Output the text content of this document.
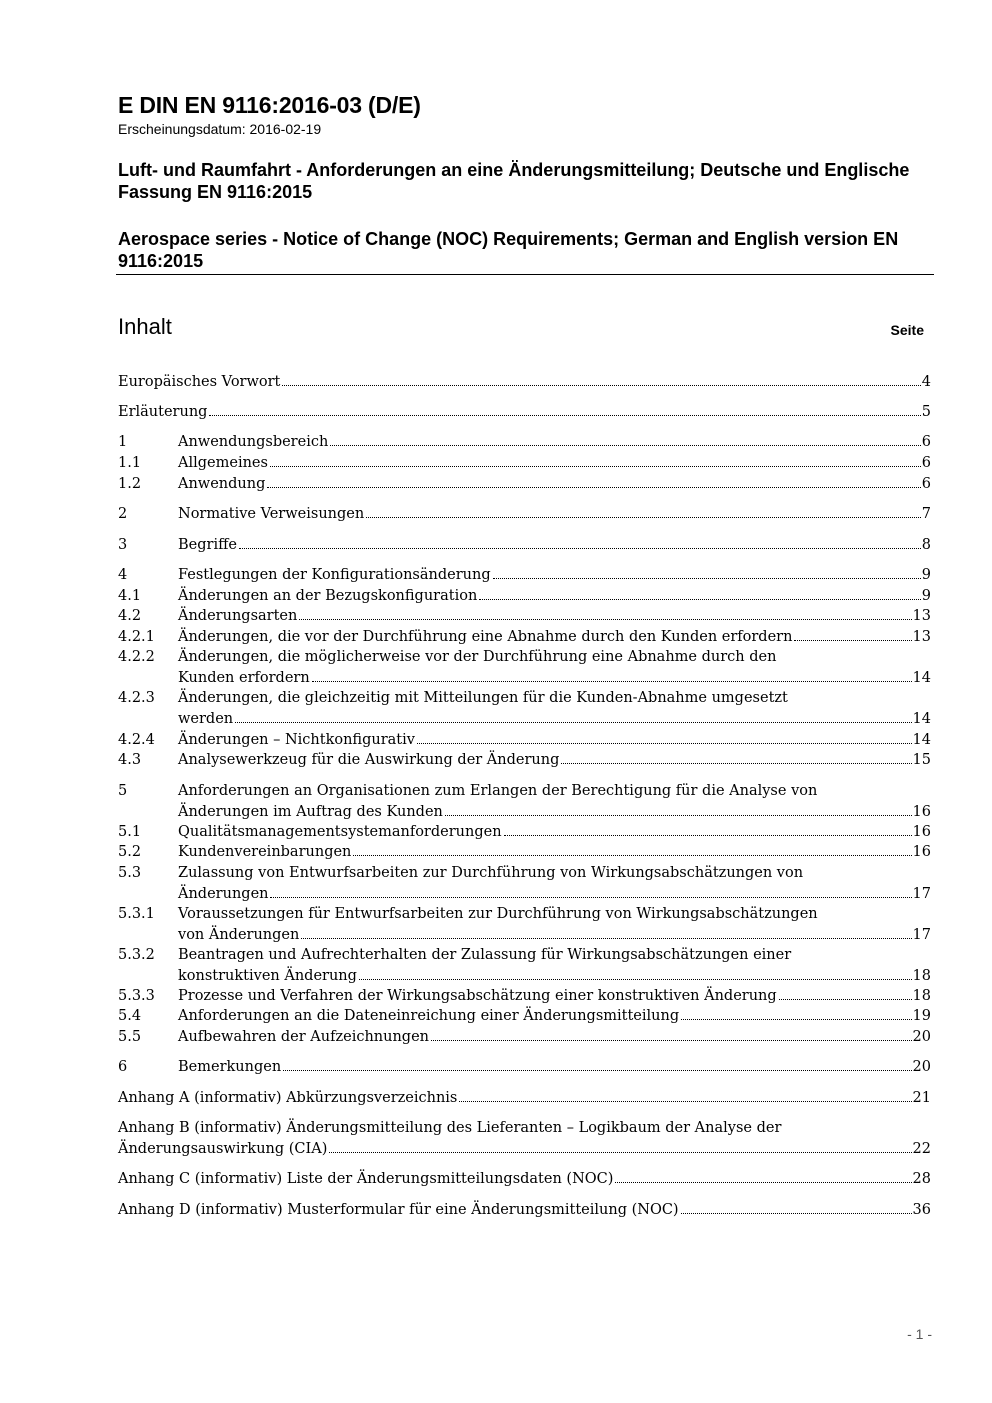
E DIN EN 9116:2016-03 (D/E)
Erscheinungsdatum: 2016-02-19
Luft- und Raumfahrt - Anforderungen an eine Änderungsmitteilung; Deutsche und Englische Fassung EN 9116:2015
Aerospace series - Notice of Change (NOC) Requirements; German and English version EN 9116:2015
Inhalt	Seite
Europäisches Vorwort	4
Erläuterung	5
1	Anwendungsbereich	6
1.1	Allgemeines	6
1.2	Anwendung	6
2	Normative Verweisungen	7
3	Begriffe	8
4	Festlegungen der Konfigurationsänderung	9
4.1	Änderungen an der Bezugskonfiguration	9
4.2	Änderungsarten	13
4.2.1 Änderungen, die vor der Durchführung eine Abnahme durch den Kunden erfordern	13
4.2.2 Änderungen, die möglicherweise vor der Durchführung eine Abnahme durch den
Kunden erfordern	14
4.2.3 Änderungen, die gleichzeitig mit Mitteilungen für die Kunden-Abnahme umgesetzt
werden	14
4.2.4 Änderungen – Nichtkonfigurativ	14
4.3	Analysewerkzeug für die Auswirkung der Änderung	15
5	Anforderungen an Organisationen zum Erlangen der Berechtigung für die Analyse von
Änderungen im Auftrag des Kunden	16
5.1	Qualitätsmanagementsystemanforderungen	16
5.2	Kundenvereinbarungen	16
5.3	Zulassung von Entwurfsarbeiten zur Durchführung von Wirkungsabschätzungen von
Änderungen	17
5.3.1 Voraussetzungen für Entwurfsarbeiten zur Durchführung von Wirkungsabschätzungen
von Änderungen	17
5.3.2 Beantragen und Aufrechterhalten der Zulassung für Wirkungsabschätzungen einer
konstruktiven Änderung	18
5.3.3 Prozesse und Verfahren der Wirkungsabschätzung einer konstruktiven Änderung	18
5.4	Anforderungen an die Dateneinreichung einer Änderungsmitteilung	19
5.5	Aufbewahren der Aufzeichnungen	20
6	Bemerkungen	20
Anhang A (informativ) Abkürzungsverzeichnis	21
Anhang B (informativ) Änderungsmitteilung des Lieferanten – Logikbaum der Analyse der
Änderungsauswirkung (CIA)	22
Anhang C (informativ) Liste der Änderungsmitteilungsdaten (NOC)	28
Anhang D (informativ) Musterformular für eine Änderungsmitteilung (NOC)	36
- 1 -
